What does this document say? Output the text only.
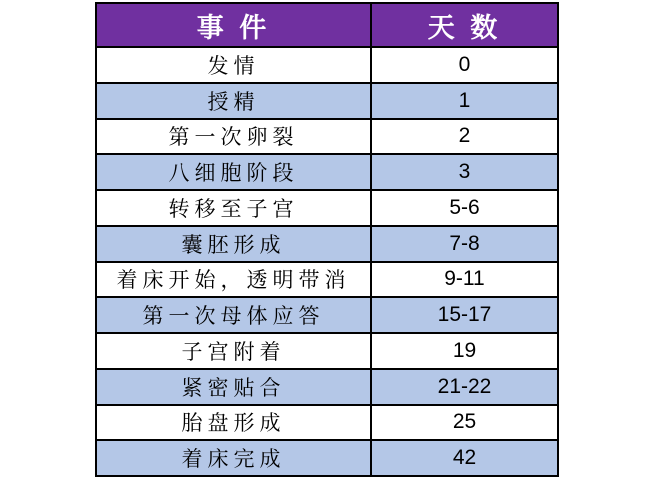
事 件	天 数
发情	0
授精	1
第一次卵裂	2
八细胞阶段	3
转移至子宫	5-6
囊胚形成	7-8
着床开始，透明带消	9-11
第一次母体应答	15-17
子宫附着	19
紧密贴合	21-22
胎盘形成	25
着床完成	42
